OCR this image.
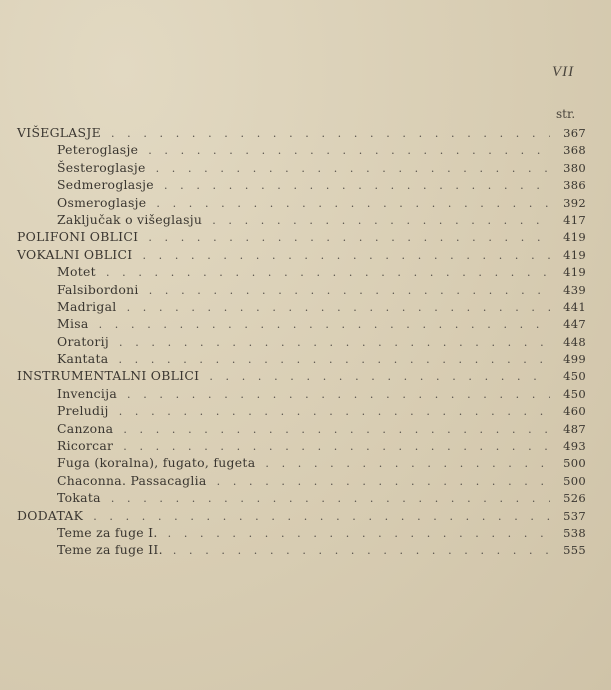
VII
str.
VIŠEGLASJE . . .	367
Peteroglasje . . .	368
Šesteroglasje . . .	380
Sedmeroglasje . . .	386
Osmeroglasje . . .	392
Zaključak o višeglasju . . .	417
POLIFONI OBLICI . . .	419
VOKALNI OBLICI . . .	419
Motet . . .	419
Falsibordoni . . .	439
Madrigal . . .	441
Misa . . .	447
Oratorij . . .	448
Kantata . . .	499
INSTRUMENTALNI OBLICI . . .	450
Invencija . . .	450
Preludij . . .	460
Canzona . . .	487
Ricorcar . . .	493
Fuga (koralna), fugato, fugeta . . .	500
Chaconna. Passacaglia . . .	500
Tokata . . .	526
DODATAK . . .	537
Teme za fuge I. . . .	538
Teme za fuge II. . . .	555
